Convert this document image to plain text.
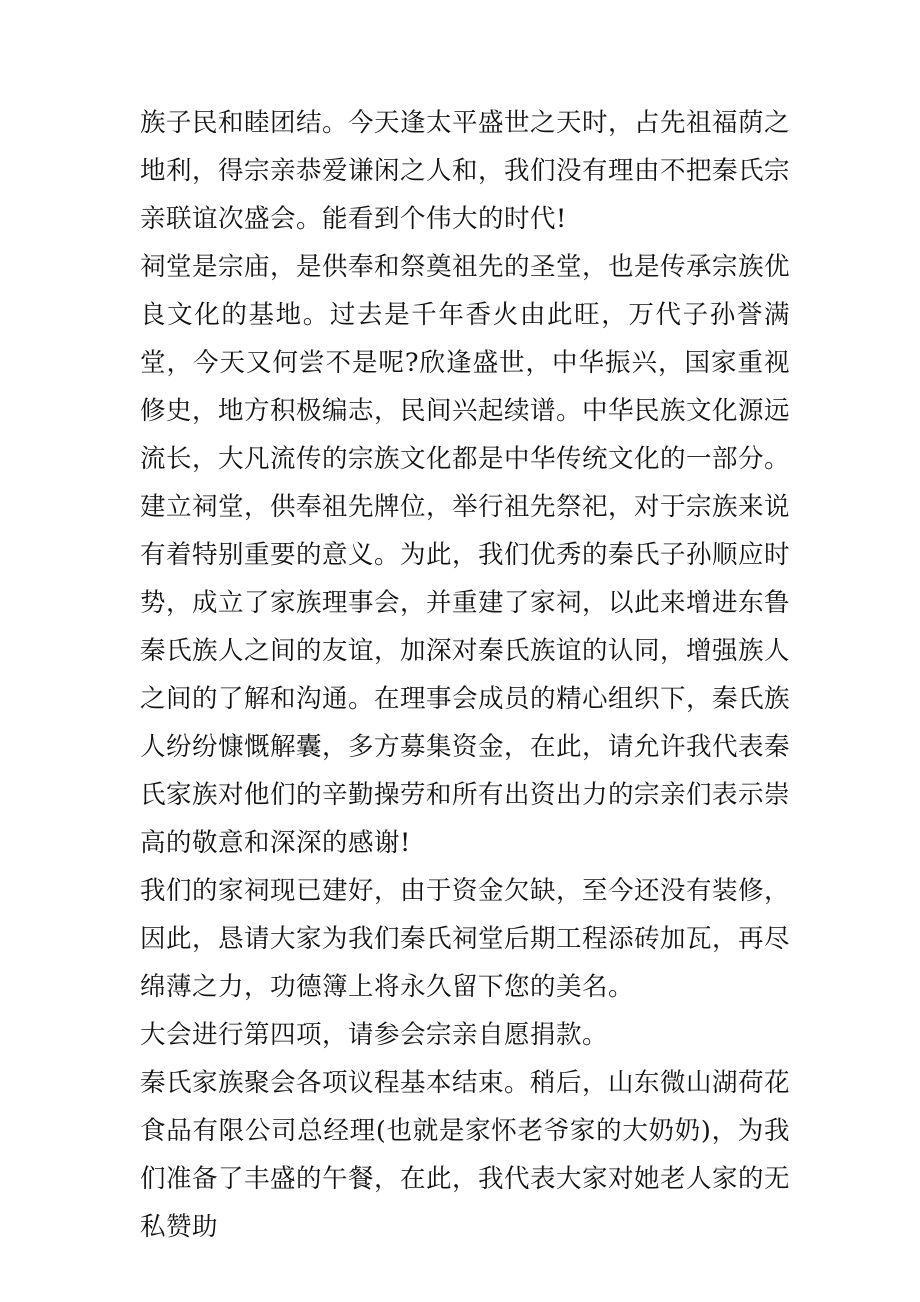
族子民和睦团结。今天逢太平盛世之天时，占先祖福荫之地利，得宗亲恭爱谦闲之人和，我们没有理由不把秦氏宗亲联谊次盛会。能看到个伟大的时代!

祠堂是宗庙，是供奉和祭奠祖先的圣堂，也是传承宗族优良文化的基地。过去是千年香火由此旺，万代子孙誉满堂，今天又何尝不是呢?欣逢盛世，中华振兴，国家重视修史，地方积极编志，民间兴起续谱。中华民族文化源远流长，大凡流传的宗族文化都是中华传统文化的一部分。建立祠堂，供奉祖先牌位，举行祖先祭祀，对于宗族来说有着特别重要的意义。为此，我们优秀的秦氏子孙顺应时势，成立了家族理事会，并重建了家祠，以此来增进东鲁秦氏族人之间的友谊，加深对秦氏族谊的认同，增强族人之间的了解和沟通。在理事会成员的精心组织下，秦氏族人纷纷慷慨解囊，多方募集资金，在此，请允许我代表秦氏家族对他们的辛勤操劳和所有出资出力的宗亲们表示崇高的敬意和深深的感谢!

我们的家祠现已建好，由于资金欠缺，至今还没有装修，因此，恳请大家为我们秦氏祠堂后期工程添砖加瓦，再尽绵薄之力，功德簿上将永久留下您的美名。

大会进行第四项，请参会宗亲自愿捐款。

秦氏家族聚会各项议程基本结束。稍后，山东微山湖荷花食品有限公司总经理(也就是家怀老爷家的大奶奶)，为我们准备了丰盛的午餐，在此，我代表大家对她老人家的无私赞助
